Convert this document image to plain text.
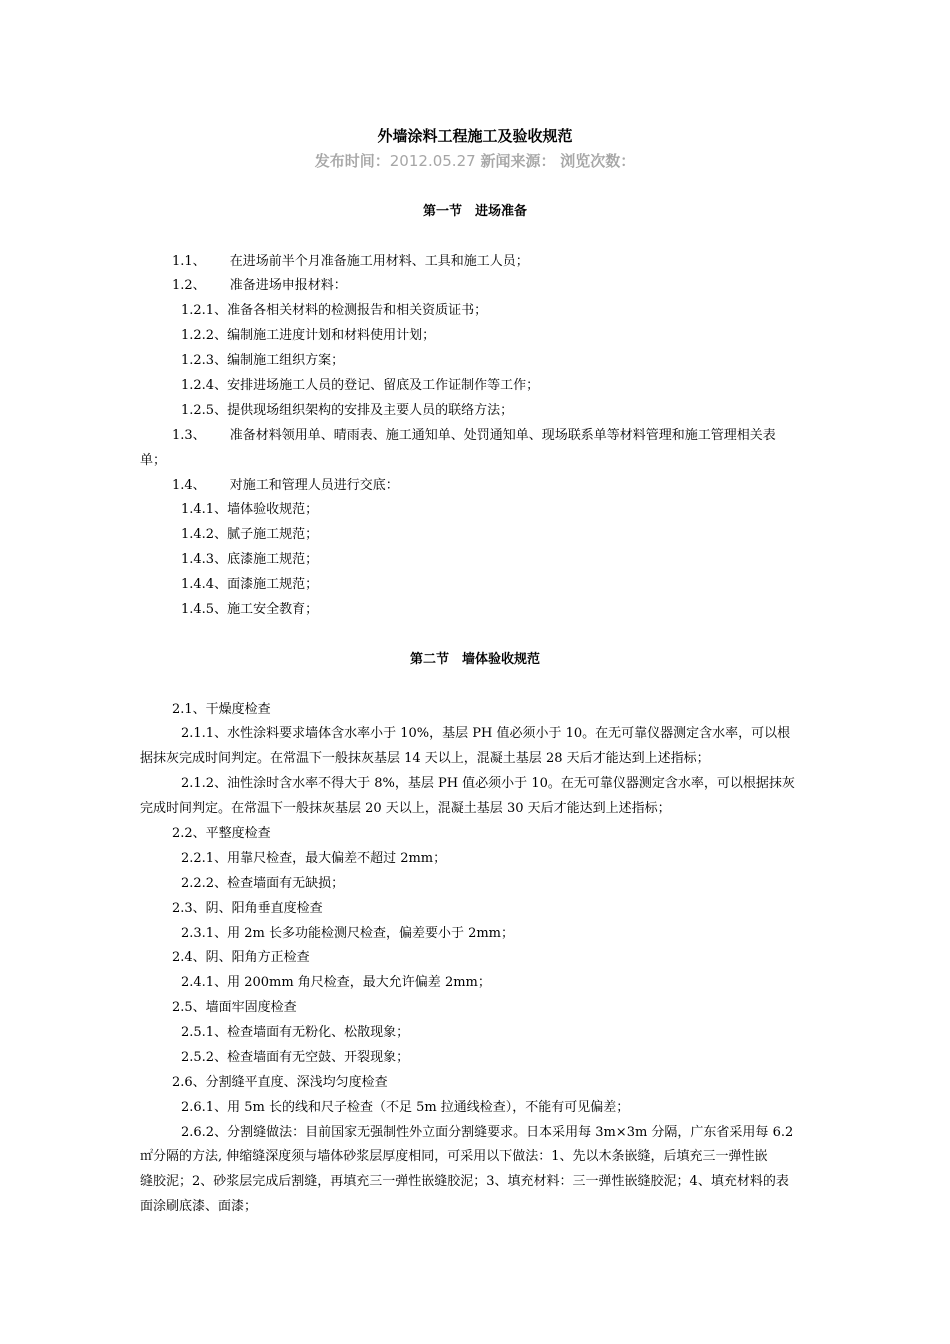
外墙涂料工程施工及验收规范
发布时间：2012.05.27 新闻来源： 浏览次数：
第一节　进场准备
1.1、 在进场前半个月准备施工用材料、工具和施工人员；
1.2、 准备进场申报材料：
1.2.1、准备各相关材料的检测报告和相关资质证书；
1.2.2、编制施工进度计划和材料使用计划；
1.2.3、编制施工组织方案；
1.2.4、安排进场施工人员的登记、留底及工作证制作等工作；
1.2.5、提供现场组织架构的安排及主要人员的联络方法；
1.3、 准备材料领用单、晴雨表、施工通知单、处罚通知单、现场联系单等材料管理和施工管理相关表
单；
1.4、 对施工和管理人员进行交底：
1.4.1、墙体验收规范；
1.4.2、腻子施工规范；
1.4.3、底漆施工规范；
1.4.4、面漆施工规范；
1.4.5、施工安全教育；
第二节　墙体验收规范
2.1、干燥度检查
2.1.1、水性涂料要求墙体含水率小于 10%，基层 PH 值必须小于 10。在无可靠仪器测定含水率，可以根
据抹灰完成时间判定。在常温下一般抹灰基层 14 天以上，混凝土基层 28 天后才能达到上述指标；
2.1.2、油性涂时含水率不得大于 8%，基层 PH 值必须小于 10。在无可靠仪器测定含水率，可以根据抹灰
完成时间判定。在常温下一般抹灰基层 20 天以上，混凝土基层 30 天后才能达到上述指标；
2.2、平整度检查
2.2.1、用靠尺检查，最大偏差不超过 2mm；
2.2.2、检查墙面有无缺损；
2.3、阴、阳角垂直度检查
2.3.1、用 2m 长多功能检测尺检查，偏差要小于 2mm；
2.4、阴、阳角方正检查
2.4.1、用 200mm 角尺检查，最大允许偏差 2mm；
2.5、墙面牢固度检查
2.5.1、检查墙面有无粉化、松散现象；
2.5.2、检查墙面有无空鼓、开裂现象；
2.6、分割缝平直度、深浅均匀度检查
2.6.1、用 5m 长的线和尺子检查（不足 5m 拉通线检查），不能有可见偏差；
2.6.2、分割缝做法：目前国家无强制性外立面分割缝要求。日本采用每 3m×3m 分隔，广东省采用每 6.2
㎡分隔的方法, 伸缩缝深度须与墙体砂浆层厚度相同，可采用以下做法：1、先以木条嵌缝，后填充三一弹性嵌
缝胶泥；2、砂浆层完成后割缝，再填充三一弹性嵌缝胶泥；3、填充材料：三一弹性嵌缝胶泥；4、填充材料的表
面涂刷底漆、面漆；
